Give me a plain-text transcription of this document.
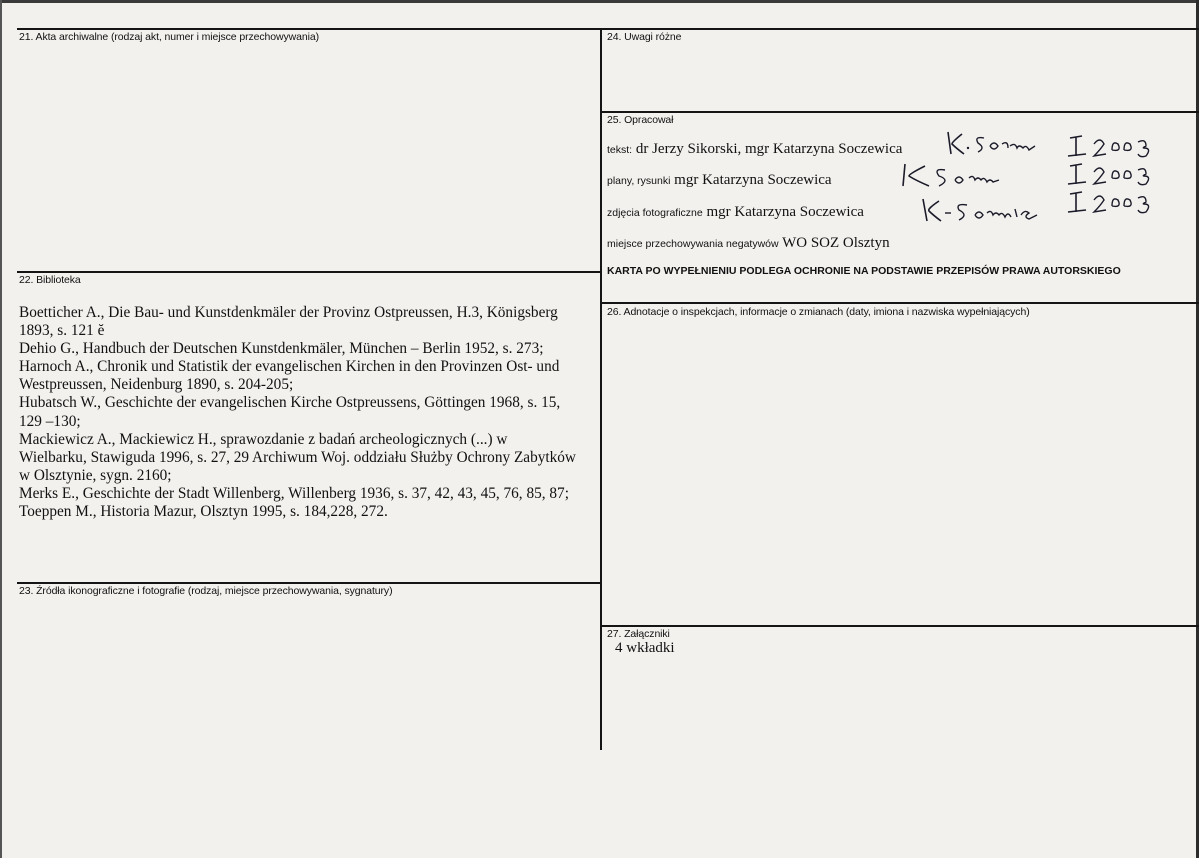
21. Akta archiwalne (rodzaj akt, numer i miejsce przechowywania)	24. Uwagi różne
25. Opracował
22. Biblioteka
26. Adnotacje o inspekcjach, informacje o zmianach (daty, imiona i nazwiska wypełniających)
23. Źródła ikonograficzne i fotografie (rodzaj, miejsce przechowywania, sygnatury)
27. Załączniki
Boetticher A., Die Bau- und Kunstdenkmäler der Provinz Ostpreussen, H.3, Königsberg
1893, s. 121 ĕ
Dehio G., Handbuch der Deutschen Kunstdenkmäler, München – Berlin 1952, s. 273;
Harnoch A., Chronik und Statistik der evangelischen Kirchen in den Provinzen Ost- und
Westpreussen, Neidenburg 1890, s. 204-205;
Hubatsch W., Geschichte der evangelischen Kirche Ostpreussens, Göttingen 1968, s. 15,
129 –130;
Mackiewicz A., Mackiewicz H., sprawozdanie z badań archeologicznych (...) w
Wielbarku, Stawiguda 1996, s. 27, 29 Archiwum Woj. oddziału Służby Ochrony Zabytków
w Olsztynie, sygn. 2160;
Merks E., Geschichte der Stadt Willenberg, Willenberg 1936, s. 37, 42, 43, 45, 76, 85, 87;
Toeppen M., Historia Mazur, Olsztyn 1995, s. 184,228, 272.
tekst: dr Jerzy Sikorski, mgr Katarzyna Soczewica
plany, rysunki mgr Katarzyna Soczewica
zdjęcia fotograficzne mgr Katarzyna Soczewica
miejsce przechowywania negatywów WO SOZ Olsztyn
KARTA PO WYPEŁNIENIU PODLEGA OCHRONIE NA PODSTAWIE PRZEPISÓW PRAWA AUTORSKIEGO
4 wkładki
